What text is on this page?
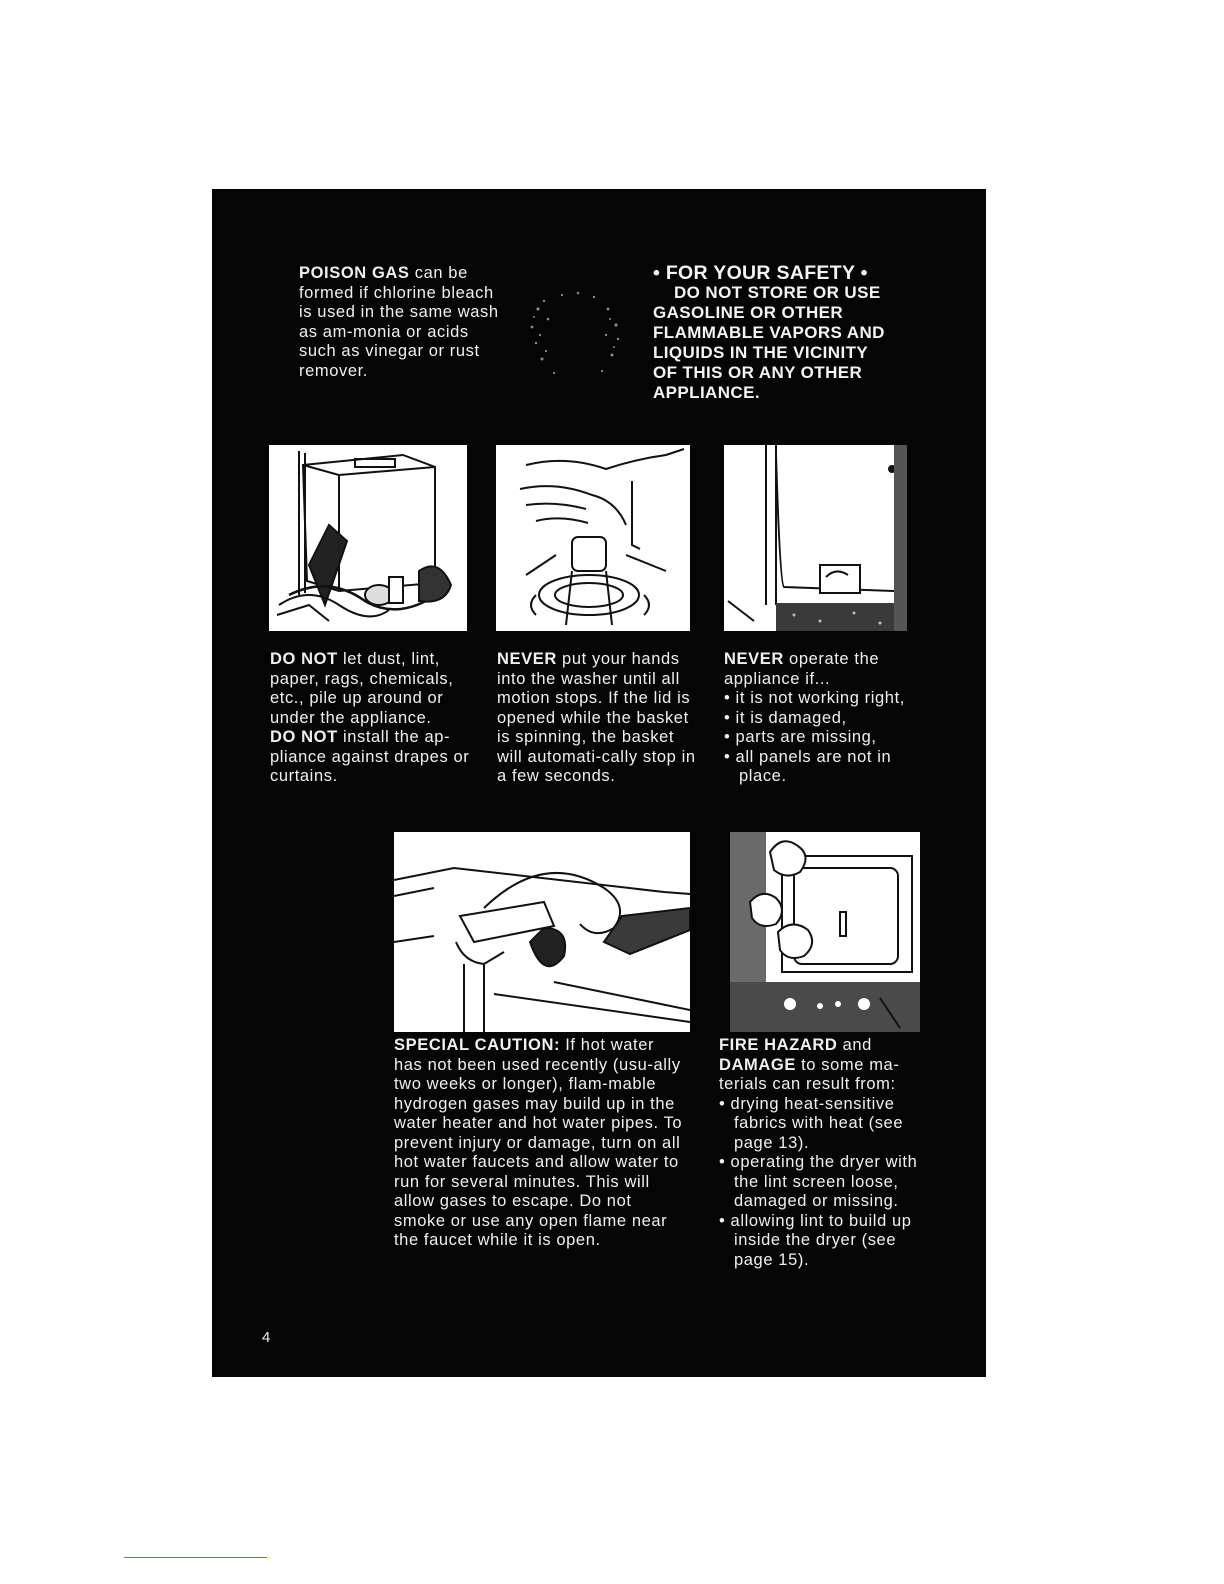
POISON GAS can be formed if chlorine bleach is used in the same wash as am-monia or acids such as vinegar or rust remover.
• FOR YOUR SAFETY •
DO NOT STORE OR USE
GASOLINE OR OTHER
FLAMMABLE VAPORS AND
LIQUIDS IN THE VICINITY
OF THIS OR ANY OTHER
APPLIANCE.

DO NOT let dust, lint, paper, rags, chemicals, etc., pile up around or under the appliance.

DO NOT install the ap-pliance against drapes or curtains.

NEVER put your hands into the washer until all motion stops. If the lid is opened while the basket is spinning, the basket will automati-cally stop in a few seconds.

NEVER operate the appliance if...

• it is not working right,

• it is damaged,

• parts are missing,

• all panels are not in place.

SPECIAL CAUTION: If hot water has not been used recently (usu-ally two weeks or longer), flam-mable hydrogen gases may build up in the water heater and hot water pipes. To prevent injury or damage, turn on all hot water faucets and allow water to run for several minutes. This will allow gases to escape. Do not smoke or use any open flame near the faucet while it is open.

FIRE HAZARD and DAMAGE to some ma-terials can result from:

• drying heat-sensitive fabrics with heat (see page 13).

• operating the dryer with the lint screen loose, damaged or missing.

• allowing lint to build up inside the dryer (see page 15).

4
